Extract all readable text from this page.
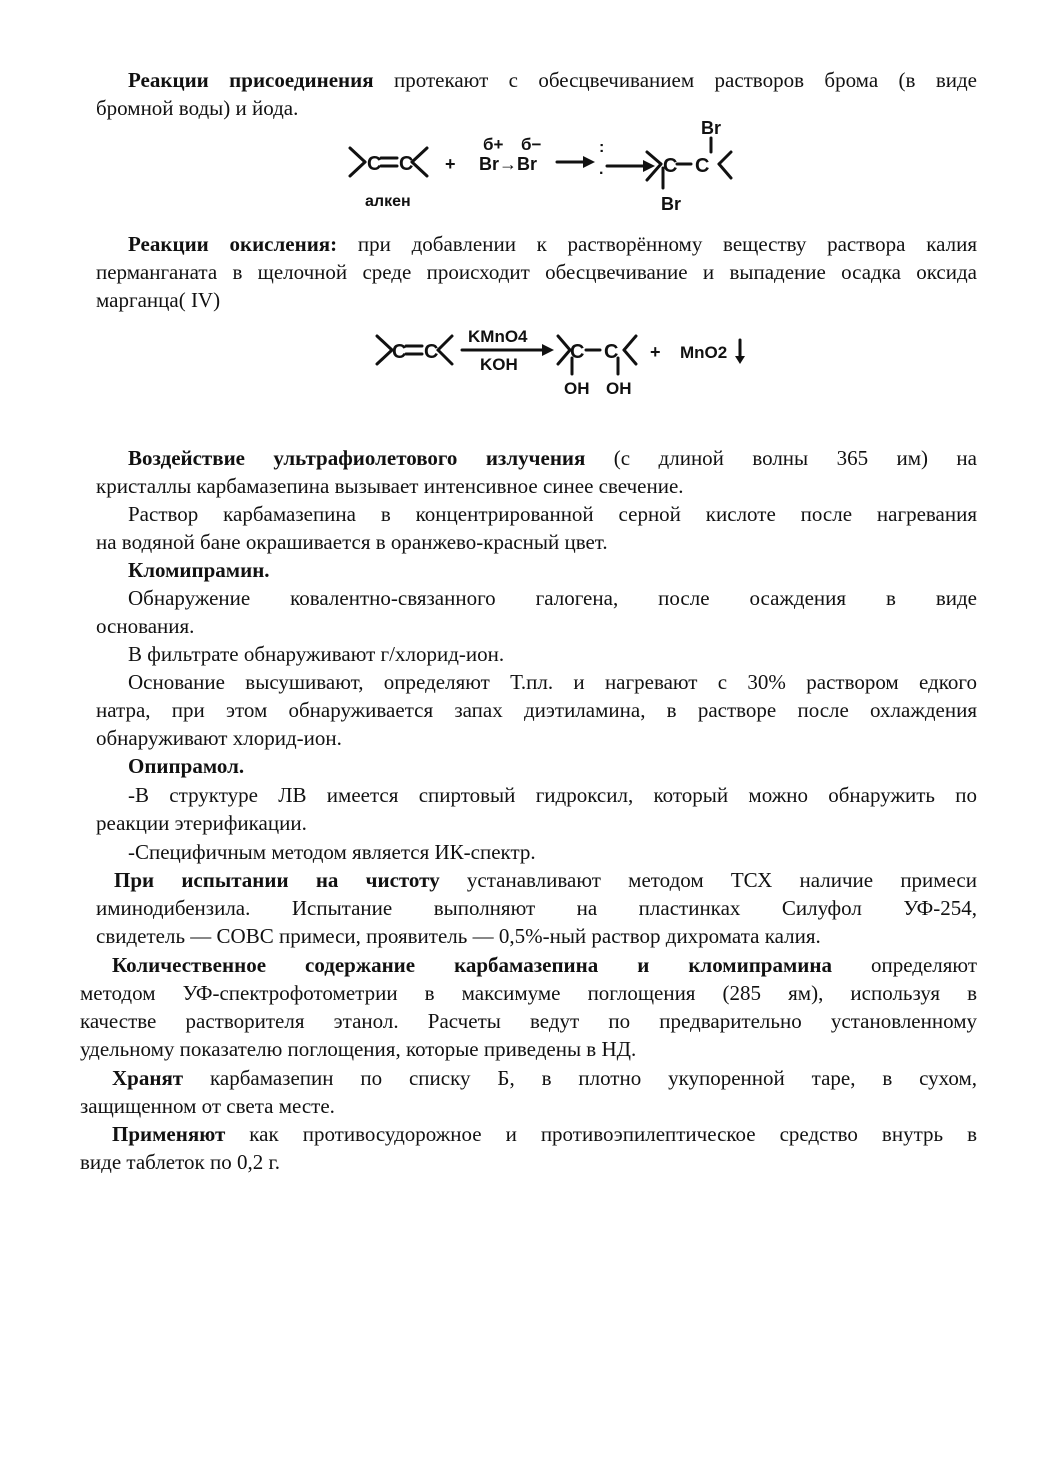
Реакции присоединения протекают с обесцвечиванием растворов брома (в виде
бромной воды) и йода.
C C +
б+ б−
Br→Br
:
·	C C
Br
Br
алкен
Реакции окисления: при добавлении к растворённому веществу раствора калия
перманганата в щелочной среде происходит обесцвечивание и выпадение осадка оксида
марганца( IV)
C C
KMnO4
KOH
C C
OH OH
+ MnO2
Воздействие ультрафиолетового излучения (с длиной волны 365 им) на
кристаллы карбамазепина вызывает интенсивное синее свечение.
Раствор карбамазепина в концентрированной серной кислоте после нагревания
на водяной бане окрашивается в оранжево-красный цвет.
Кломипрамин.
Обнаружение ковалентно-связанного галогена, после осаждения в виде
основания.
В фильтрате обнаруживают г/хлорид-ион.
Основание высушивают, определяют Т.пл. и нагревают с 30% раствором едкого
натра, при этом обнаруживается запах диэтиламина, в растворе после охлаждения
обнаруживают хлорид-ион.
Опипрамол.
-В структуре ЛВ имеется спиртовый гидроксил, который можно обнаружить по
реакции этерификации.
-Специфичным методом является ИК-спектр.
При испытании на чистоту устанавливают методом ТСХ наличие примеси
иминодибензила. Испытание выполняют на пластинках Силуфол УФ-254,
свидетель — СОВС примеси, проявитель — 0,5%-ный раствор дихромата калия.
Количественное содержание карбамазепина и кломипрамина определяют
методом УФ-спектрофотометрии в максимуме поглощения (285 ям), используя в
качестве растворителя этанол. Расчеты ведут по предварительно установленному
удельному показателю поглощения, которые приведены в НД.
Хранят карбамазепин по списку Б, в плотно укупоренной таре, в сухом,
защищенном от света месте.
Применяют как противосудорожное и противоэпилептическое средство внутрь в
виде таблеток по 0,2 г.
